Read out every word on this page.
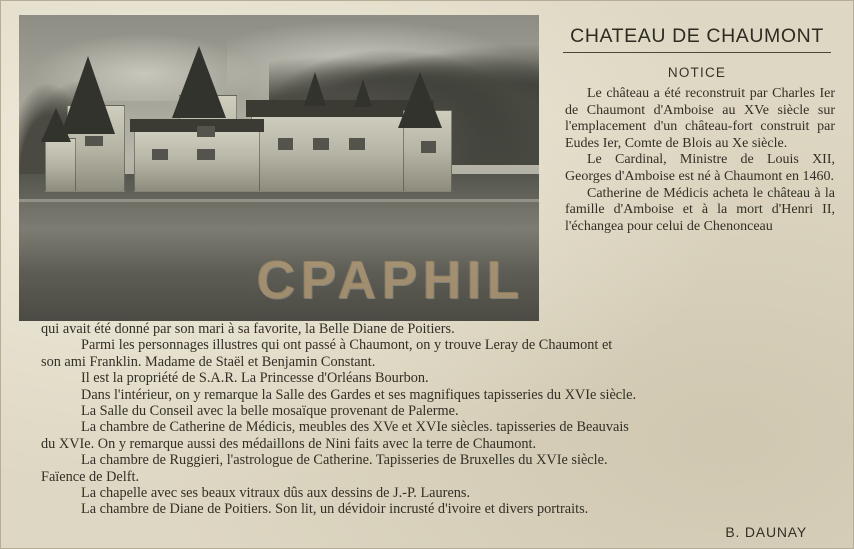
CPAPHIL
CHATEAU DE CHAUMONT
NOTICE

Le château a été reconstruit par Charles Ier de Chaumont d'Amboise au XVe siècle sur l'emplacement d'un château-fort construit par Eudes Ier, Comte de Blois au Xe siècle.

Le Cardinal, Ministre de Louis XII, Georges d'Amboise est né à Chaumont en 1460.

Catherine de Médicis acheta le château à la famille d'Amboise et à la mort d'Henri II, l'échangea pour celui de Chenonceau

qui avait été donné par son mari à sa favorite, la Belle Diane de Poitiers.
Parmi les personnages illustres qui ont passé à Chaumont, on y trouve Leray de Chaumont et
son ami Franklin. Madame de Staël et Benjamin Constant.
Il est la propriété de S.A.R. La Princesse d'Orléans Bourbon.
Dans l'intérieur, on y remarque la Salle des Gardes et ses magnifiques tapisseries du XVIe siècle.
La Salle du Conseil avec la belle mosaïque provenant de Palerme.
La chambre de Catherine de Médicis, meubles des XVe et XVIe siècles. tapisseries de Beauvais
du XVIe. On y remarque aussi des médaillons de Nini faits avec la terre de Chaumont.
La chambre de Ruggieri, l'astrologue de Catherine. Tapisseries de Bruxelles du XVIe siècle.
Faïence de Delft.
La chapelle avec ses beaux vitraux dûs aux dessins de J.-P. Laurens.
La chambre de Diane de Poitiers. Son lit, un dévidoir incrusté d'ivoire et divers portraits.
B. DAUNAY
